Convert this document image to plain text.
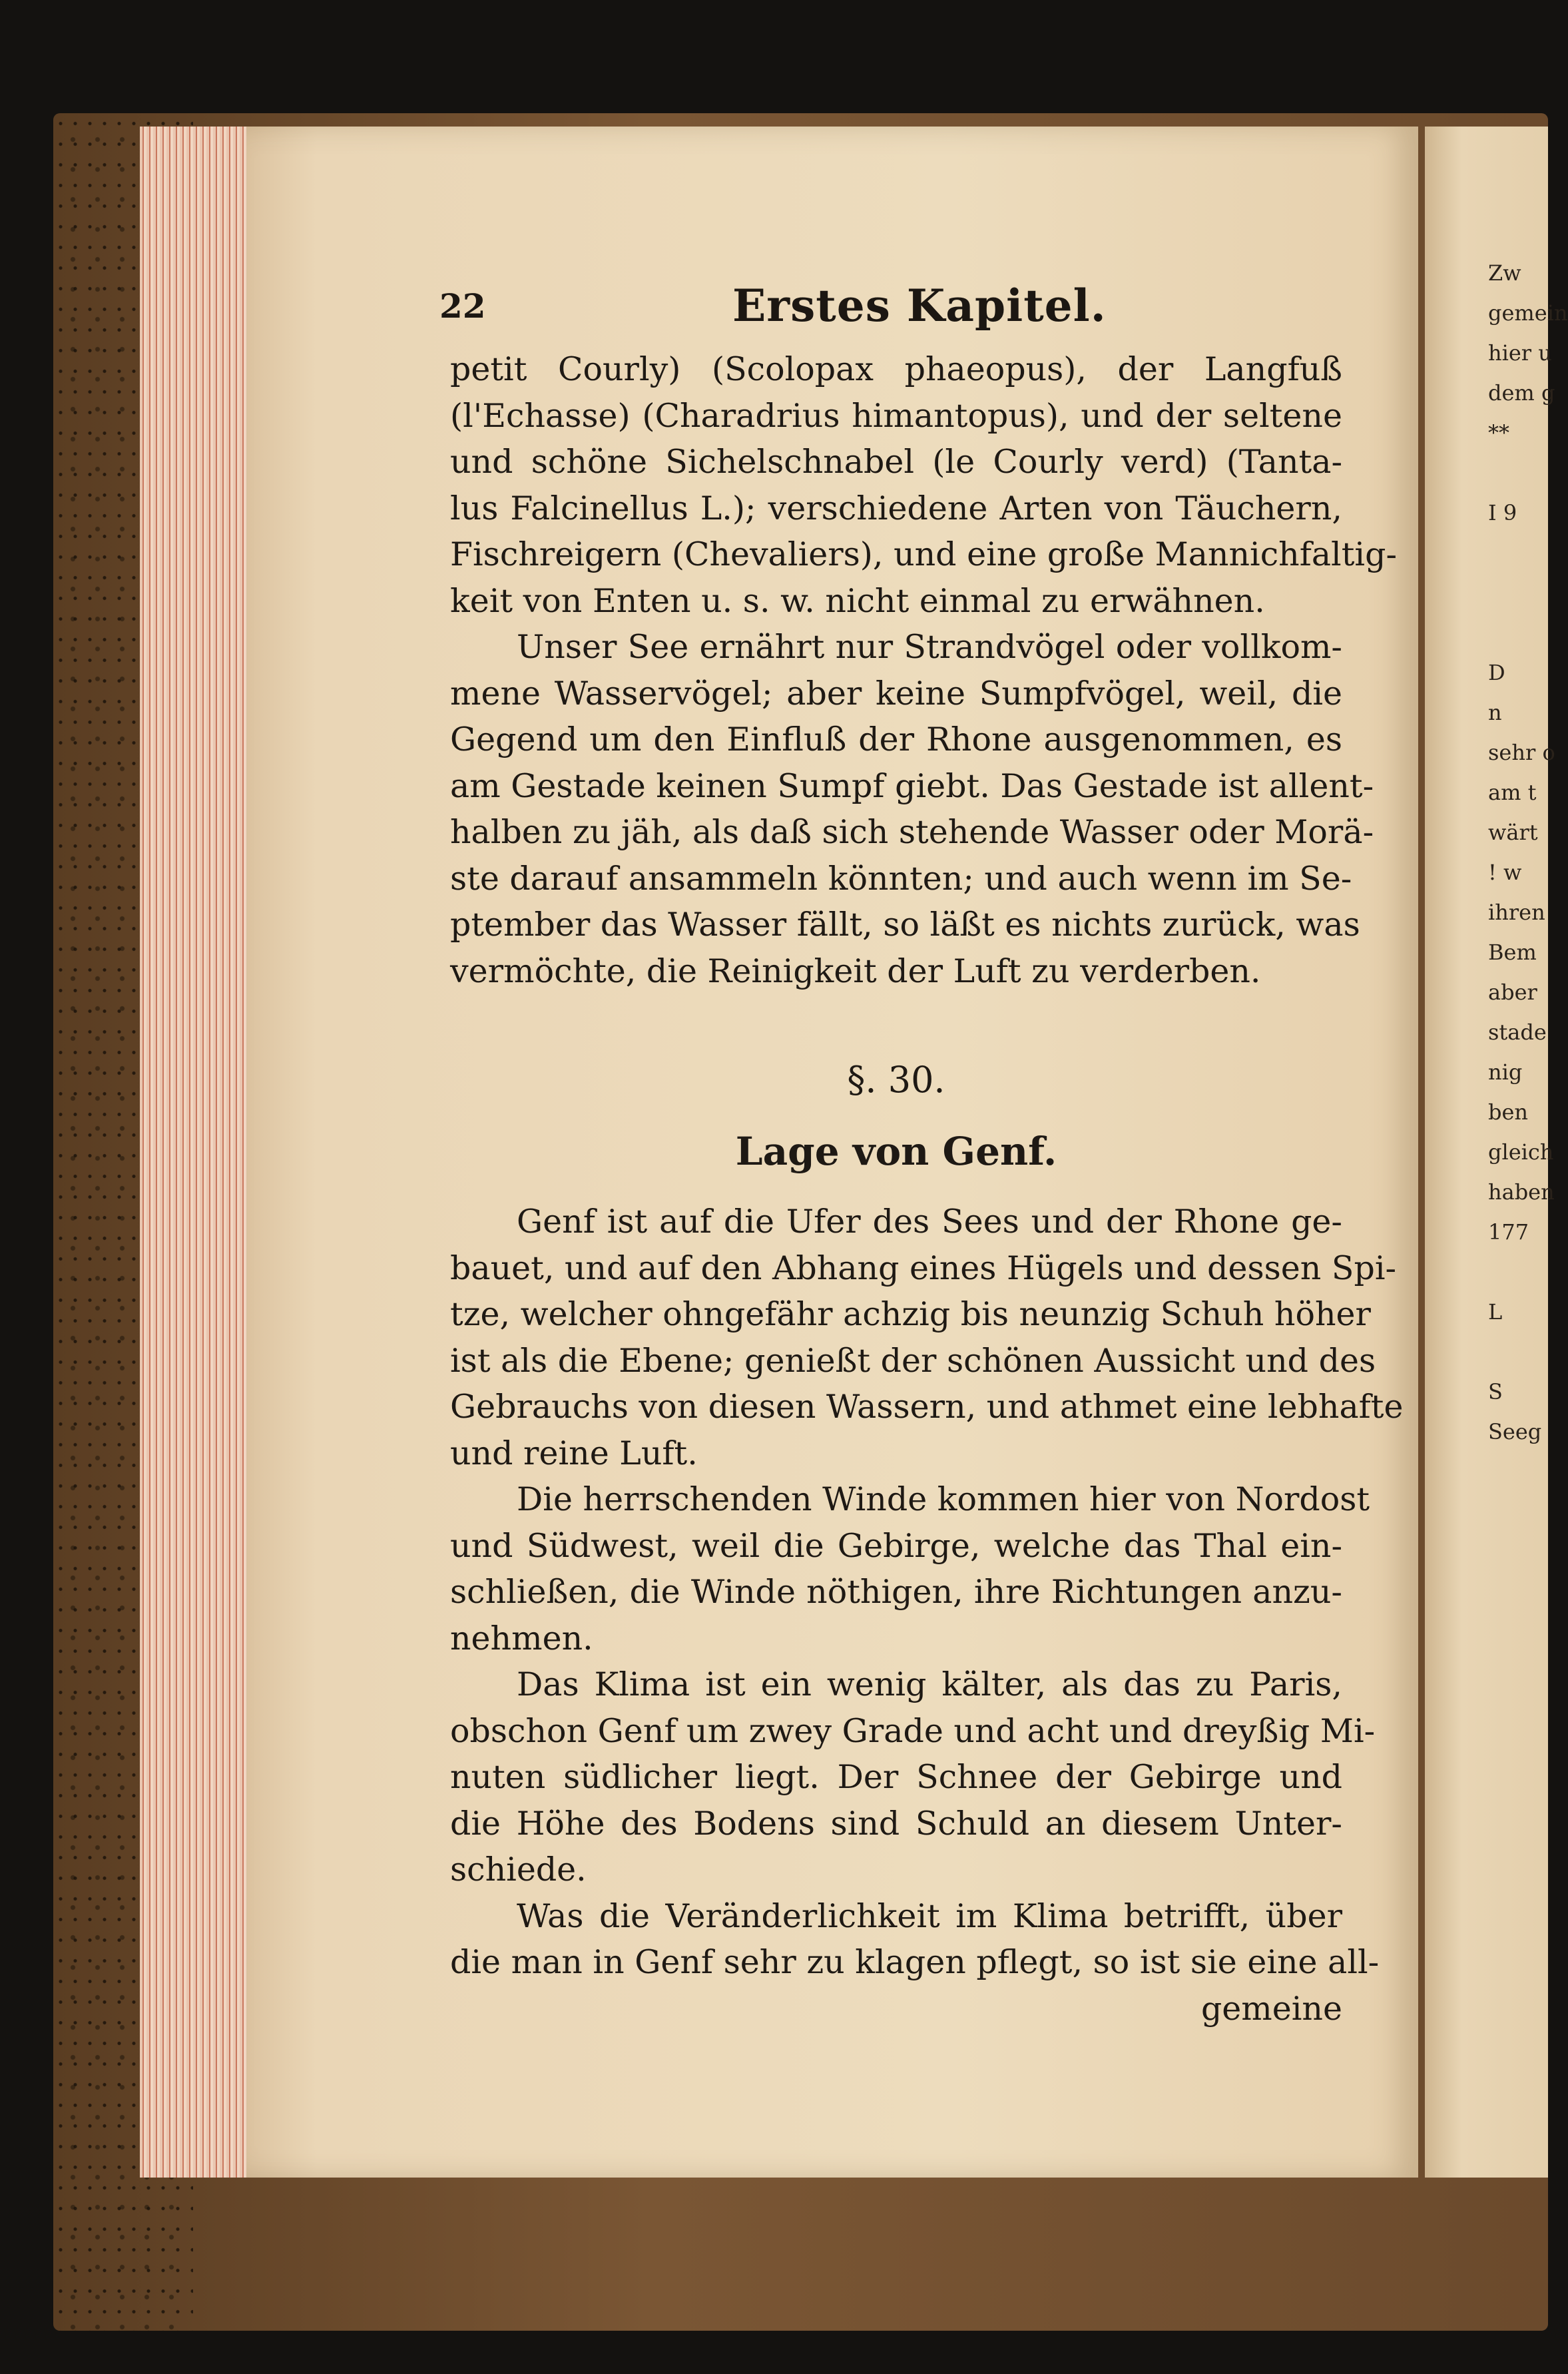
22	Erstes Kapitel.
petit Courly) (Scolopax phaeopus), der Langfuß
(l'Echasse) (Charadrius himantopus), und der seltene
und schöne Sichelschnabel (le Courly verd) (Tanta-
lus Falcinellus L.); verschiedene Arten von Täuchern,
Fischreigern (Chevaliers), und eine große Mannichfaltig-
keit von Enten u. s. w. nicht einmal zu erwähnen.
Unser See ernährt nur Strandvögel oder vollkom-
mene Wasservögel; aber keine Sumpfvögel, weil, die
Gegend um den Einfluß der Rhone ausgenommen, es
am Gestade keinen Sumpf giebt. Das Gestade ist allent-
halben zu jäh, als daß sich stehende Wasser oder Morä-
ste darauf ansammeln könnten; und auch wenn im Se-
ptember das Wasser fällt, so läßt es nichts zurück, was
vermöchte, die Reinigkeit der Luft zu verderben.
§. 30.
Lage von Genf.
Genf ist auf die Ufer des Sees und der Rhone ge-
bauet, und auf den Abhang eines Hügels und dessen Spi-
tze, welcher ohngefähr achzig bis neunzig Schuh höher
ist als die Ebene; genießt der schönen Aussicht und des
Gebrauchs von diesen Wassern, und athmet eine lebhafte
und reine Luft.
Die herrschenden Winde kommen hier von Nordost
und Südwest, weil die Gebirge, welche das Thal ein-
schließen, die Winde nöthigen, ihre Richtungen anzu-
nehmen.
Das Klima ist ein wenig kälter, als das zu Paris,
obschon Genf um zwey Grade und acht und dreyßig Mi-
nuten südlicher liegt. Der Schnee der Gebirge und
die Höhe des Bodens sind Schuld an diesem Unter-
schiede.
Was die Veränderlichkeit im Klima betrifft, über
die man in Genf sehr zu klagen pflegt, so ist sie eine all-
gemeine
Zw
gemein
hier u
dem g
**
I 9
D
n
sehr o
am t
wärt
! w
ihren
Bem
aber
stade
nig
ben
gleich
haben
177
L
S
Seeg
